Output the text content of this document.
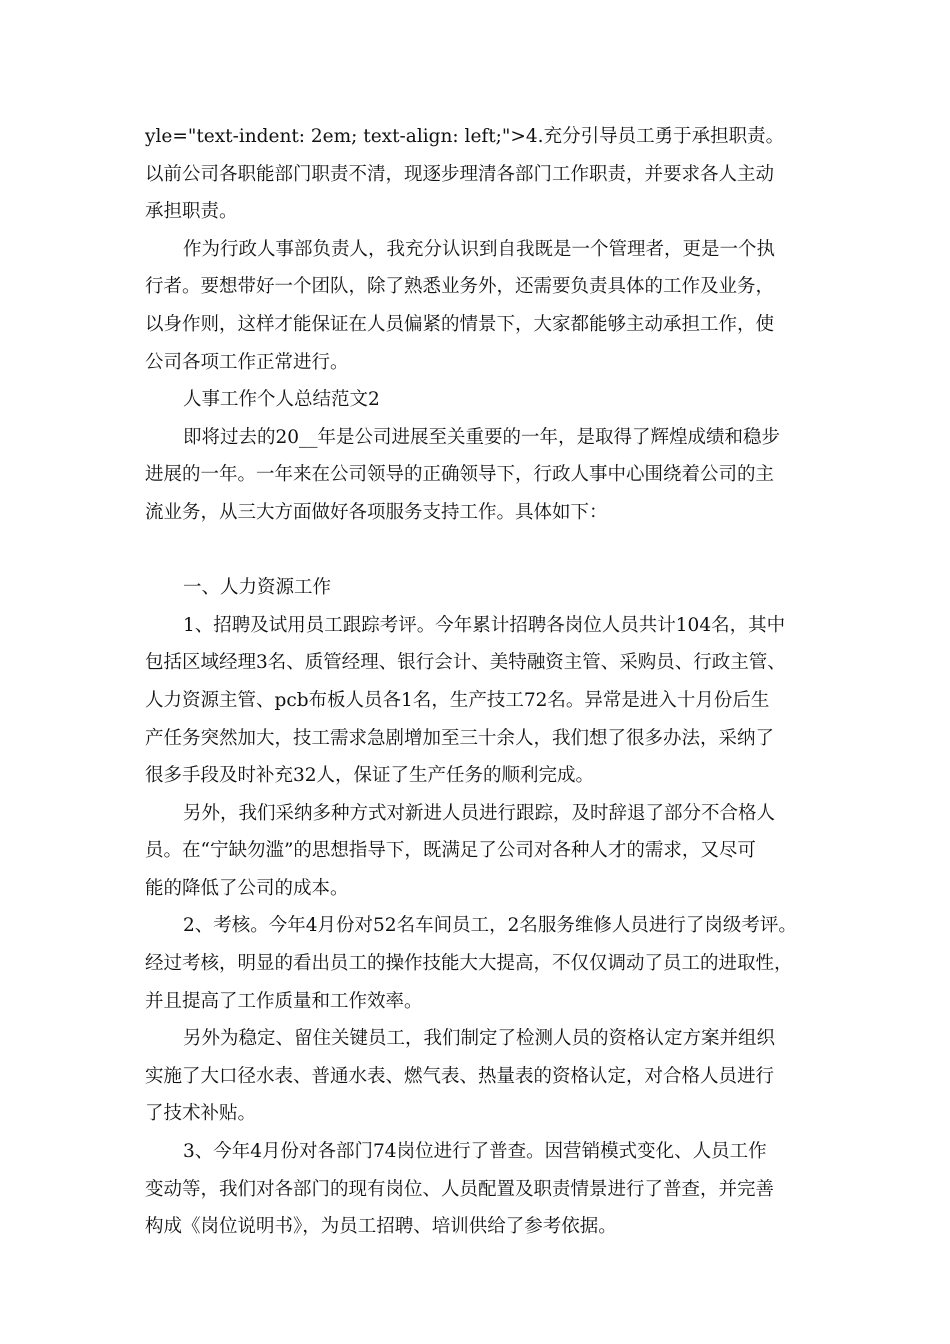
yle="text-indent: 2em; text-align: left;">4.充分引导员工勇于承担职责。
以前公司各职能部门职责不清，现逐步理清各部门工作职责，并要求各人主动
承担职责。
作为行政人事部负责人，我充分认识到自我既是一个管理者，更是一个执
行者。要想带好一个团队，除了熟悉业务外，还需要负责具体的工作及业务，
以身作则，这样才能保证在人员偏紧的情景下，大家都能够主动承担工作，使
公司各项工作正常进行。
人事工作个人总结范文2
即将过去的20__年是公司进展至关重要的一年，是取得了辉煌成绩和稳步
进展的一年。一年来在公司领导的正确领导下，行政人事中心围绕着公司的主
流业务，从三大方面做好各项服务支持工作。具体如下：
一、人力资源工作
1、招聘及试用员工跟踪考评。今年累计招聘各岗位人员共计104名，其中
包括区域经理3名、质管经理、银行会计、美特融资主管、采购员、行政主管、
人力资源主管、pcb布板人员各1名，生产技工72名。异常是进入十月份后生
产任务突然加大，技工需求急剧增加至三十余人，我们想了很多办法，采纳了
很多手段及时补充32人，保证了生产任务的顺利完成。
另外，我们采纳多种方式对新进人员进行跟踪，及时辞退了部分不合格人
员。在“宁缺勿滥”的思想指导下，既满足了公司对各种人才的需求，又尽可
能的降低了公司的成本。
2、考核。今年4月份对52名车间员工，2名服务维修人员进行了岗级考评。
经过考核，明显的看出员工的操作技能大大提高，不仅仅调动了员工的进取性，
并且提高了工作质量和工作效率。
另外为稳定、留住关键员工，我们制定了检测人员的资格认定方案并组织
实施了大口径水表、普通水表、燃气表、热量表的资格认定，对合格人员进行
了技术补贴。
3、今年4月份对各部门74岗位进行了普查。因营销模式变化、人员工作
变动等，我们对各部门的现有岗位、人员配置及职责情景进行了普查，并完善
构成《岗位说明书》，为员工招聘、培训供给了参考依据。
